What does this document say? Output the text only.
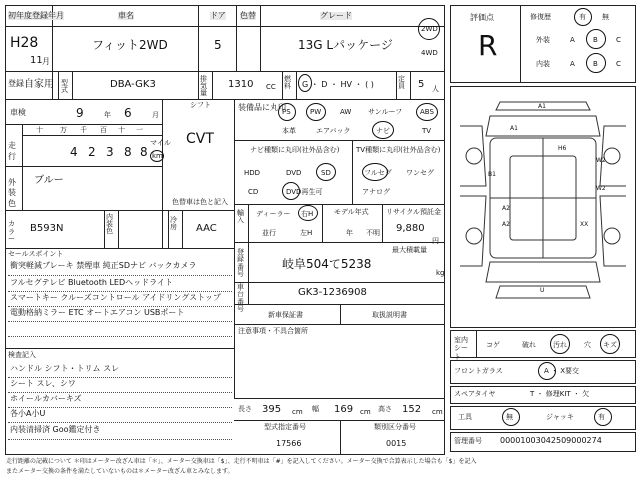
初年度登録年月	車名	ドア 色替	グレード
H28
11 月
フィット2WD	5	13G Lパッケージ
2WD
4WD
登録 自家用 型式	DBA-GK3	排気量
1310 CC
燃料	G ・ D ・ HV ・ ( )
定員	5 人
車検	9	年 6	月
シフト
CVT
走行
十 万 千 百 十 一
4 2 3 8 8
マイル
km
外装色
ブルー
色替車は色と記入
カラー
B593N
内装色
冷房	AAC
セールスポイント
衝突軽減ブレーキ 禁煙車 純正SDナビ バックカメラ
フルセグテレビ Bluetooth LEDヘッドライト
スマートキー クルーズコントロール アイドリングストップ
電動格納ミラー ETC オートエアコン USBポート
検査記入
ハンドル シフト・トリム スレ
シート スレ、シワ
ホイールカバーキズ
各小A小U
内装清掃済 Goo鑑定付き
装備品に丸印
PS	PW	AW サンルーフ	ABS
本革	エアバック	ナビ	TV
ナビ種類に丸印(社外品含む) TV種類に丸印(社外品含む)
HDD	DVD	SD
CD	DVD再生可
フルセグ ワンセグ
アナログ
輸入
ディーラー 右H
並行	左H
モデル年式
年 不明
リサイクル預託金
9,880
円
登録番号
岐阜504て5238
最大積載量
kg
車台番号
GK3-1236908
新車保証書	取扱説明書
注意事項・不具合箇所
長さ 395 cm 幅 169 cm 高さ 152 cm
型式指定番号	類別区分番号
17566	0015
評価点
R
修復歴	有 無
外装	A	B	C
内装	A	B	C
A1
A1
H6
W2
W2
B1
A2
A2	XX
U
室内シート
コゲ	破れ 汚れ 穴 キズ
フロントガラス	A ・ X要交
スペアタイヤ	T ・ 修理KIT ・ 欠
工具	無	ジャッキ	有
管理番号 00001003042509000274
走行距離の記載について ＊印はメーター改ざん車は「＊」、メーター交換車は「$」、走行不明車は「#」を記入してください。メーター交換で合算表示した場合も「$」を記入
またメーター交換の条件を満たしていないものは＊メーター改ざん車とみなします。
